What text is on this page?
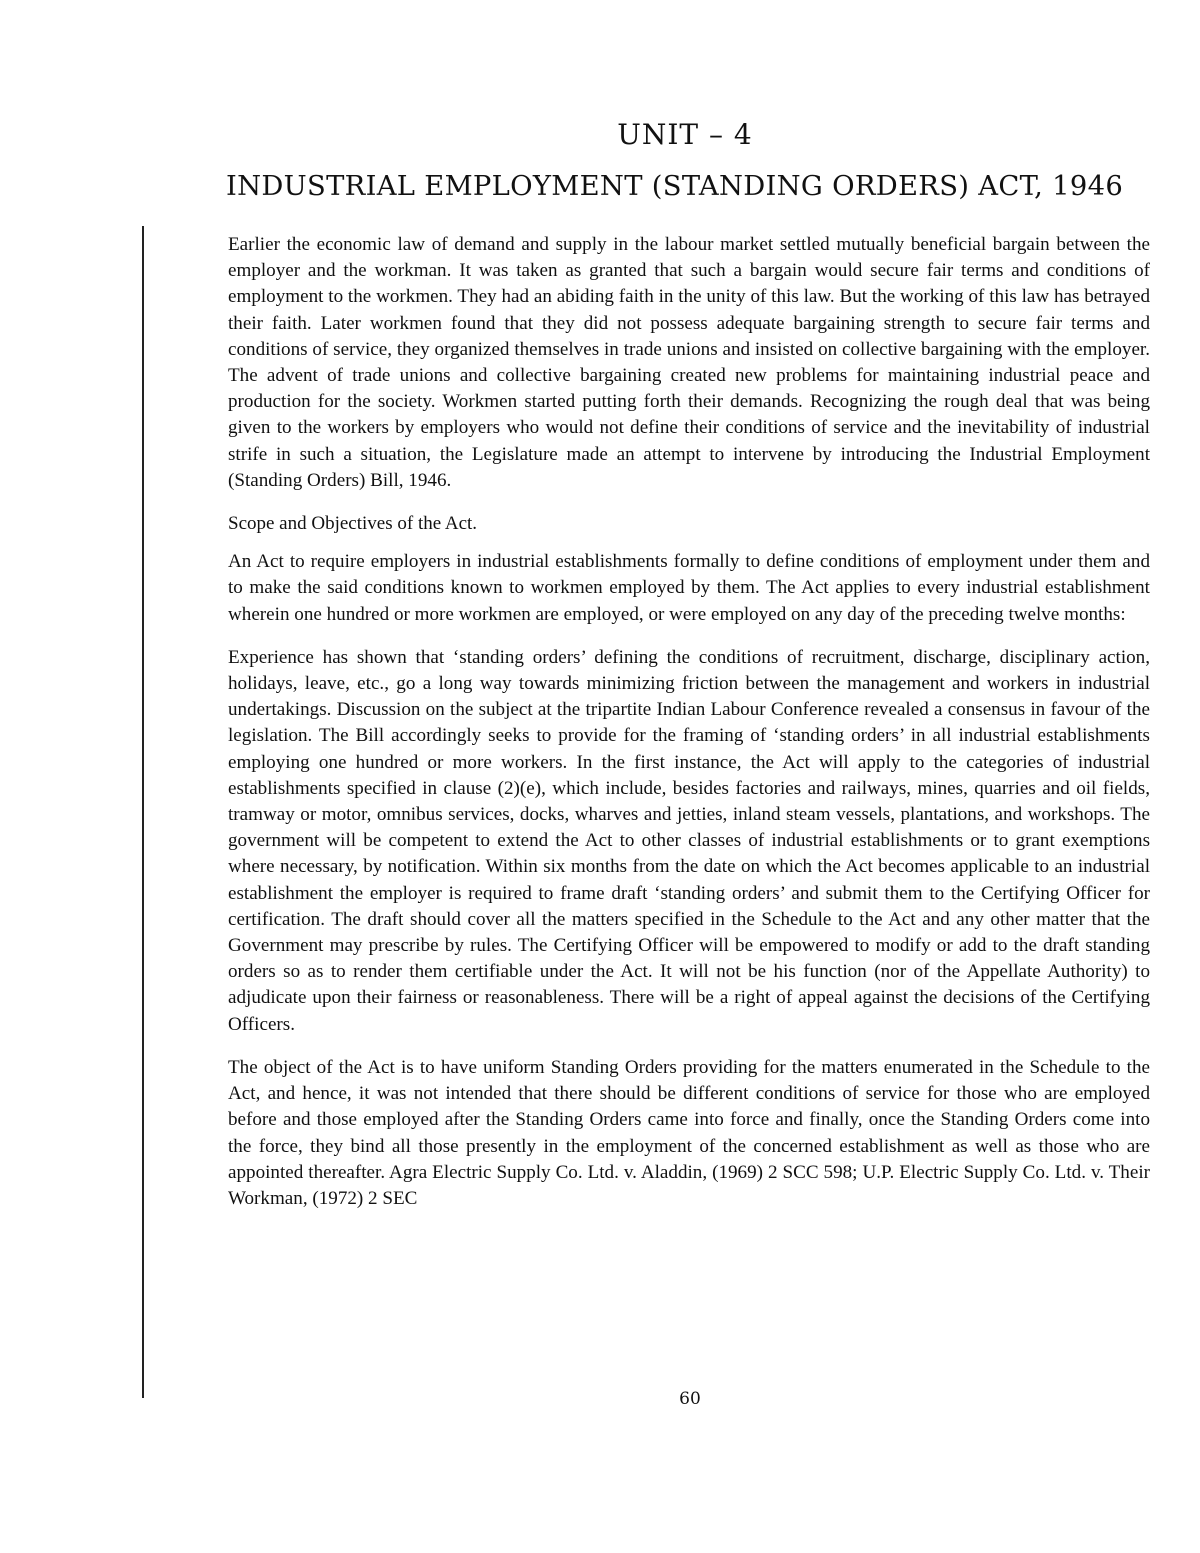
UNIT – 4
INDUSTRIAL EMPLOYMENT (STANDING ORDERS) ACT, 1946

Earlier the economic law of demand and supply in the labour market settled mutually beneficial bargain between the employer and the workman. It was taken as granted that such a bargain would secure fair terms and conditions of employment to the workmen. They had an abiding faith in the unity of this law. But the working of this law has betrayed their faith. Later workmen found that they did not possess adequate bargaining strength to secure fair terms and conditions of service, they organized themselves in trade unions and insisted on collective bargaining with the employer. The advent of trade unions and collective bargaining created new problems for maintaining industrial peace and production for the society. Workmen started putting forth their demands. Recognizing the rough deal that was being given to the workers by employers who would not define their conditions of service and the inevitability of industrial strife in such a situation, the Legislature made an attempt to intervene by introducing the Industrial Employment (Standing Orders) Bill, 1946.

Scope and Objectives of the Act.

An Act to require employers in industrial establishments formally to define conditions of employment under them and to make the said conditions known to workmen employed by them. The Act applies to every industrial establishment wherein one hundred or more workmen are employed, or were employed on any day of the preceding twelve months:

Experience has shown that ‘standing orders’ defining the conditions of recruitment, discharge, disciplinary action, holidays, leave, etc., go a long way towards minimizing friction between the management and workers in industrial undertakings. Discussion on the subject at the tripartite Indian Labour Conference revealed a consensus in favour of the legislation. The Bill accordingly seeks to provide for the framing of ‘standing orders’ in all industrial establishments employing one hundred or more workers. In the first instance, the Act will apply to the categories of industrial establishments specified in clause (2)(e), which include, besides factories and railways, mines, quarries and oil fields, tramway or motor, omnibus services, docks, wharves and jetties, inland steam vessels, plantations, and workshops. The government will be competent to extend the Act to other classes of industrial establishments or to grant exemptions where necessary, by notification. Within six months from the date on which the Act becomes applicable to an industrial establishment the employer is required to frame draft ‘standing orders’ and submit them to the Certifying Officer for certification. The draft should cover all the matters specified in the Schedule to the Act and any other matter that the Government may prescribe by rules. The Certifying Officer will be empowered to modify or add to the draft standing orders so as to render them certifiable under the Act. It will not be his function (nor of the Appellate Authority) to adjudicate upon their fairness or reasonableness. There will be a right of appeal against the decisions of the Certifying Officers.

The object of the Act is to have uniform Standing Orders providing for the matters enumerated in the Schedule to the Act, and hence, it was not intended that there should be different conditions of service for those who are employed before and those employed after the Standing Orders came into force and finally, once the Standing Orders come into the force, they bind all those presently in the employment of the concerned establishment as well as those who are appointed thereafter. Agra Electric Supply Co. Ltd. v. Aladdin, (1969) 2 SCC 598; U.P. Electric Supply Co. Ltd. v. Their Workman, (1972) 2 SEC

60
